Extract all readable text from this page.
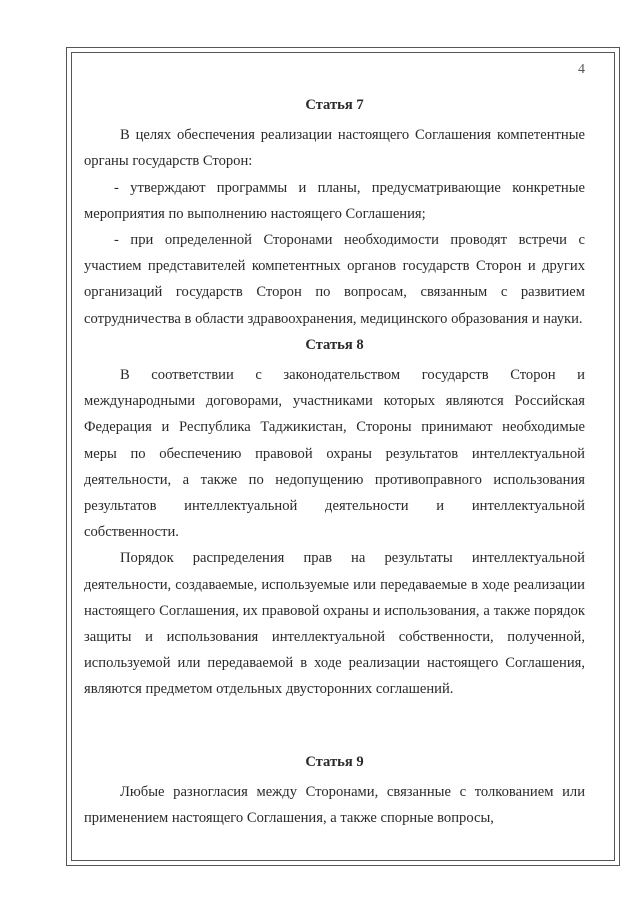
4
Статья 7

В целях обеспечения реализации настоящего Соглашения компетентные органы государств Сторон:

- утверждают программы и планы, предусматривающие конкретные мероприятия по выполнению настоящего Соглашения;

- при определенной Сторонами необходимости проводят встречи с участием представителей компетентных органов государств Сторон и других организаций государств Сторон по вопросам, связанным с развитием сотрудничества в области здравоохранения, медицинского образования и науки.

Статья 8

В соответствии с законодательством государств Сторон и международными договорами, участниками которых являются Российская Федерация и Республика Таджикистан, Стороны принимают необходимые меры по обеспечению правовой охраны результатов интеллектуальной деятельности, а также по недопущению противоправного использования результатов интеллектуальной деятельности и интеллектуальной собственности.

Порядок распределения прав на результаты интеллектуальной деятельности, создаваемые, используемые или передаваемые в ходе реализации настоящего Соглашения, их правовой охраны и использования, а также порядок защиты и использования интеллектуальной собственности, полученной, используемой или передаваемой в ходе реализации настоящего Соглашения, являются предметом отдельных двусторонних соглашений.

Статья 9

Любые разногласия между Сторонами, связанные с толкованием или применением настоящего Соглашения, а также спорные вопросы,
